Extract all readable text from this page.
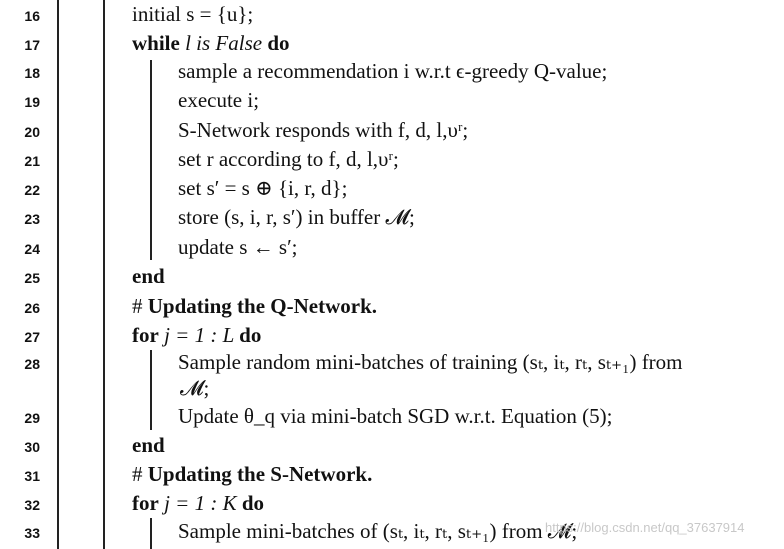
16	initial s = {u};
17	while l is False do
18	sample a recommendation i w.r.t ϵ-greedy Q-value;
19	execute i;
20	S-Network responds with f, d, l,υʳ;
21	set r according to f, d, l,υʳ;
22	set s′ = s ⊕ {i, r, d};
23	store (s, i, r, s′) in buffer 𝓜;
24	update s ← s′;
25	end
26	# Updating the Q-Network.
27	for j = 1 : L do
28	Sample random mini-batches of training (sₜ, iₜ, rₜ, sₜ₊₁) from
𝓜;
29	Update θ_q via mini-batch SGD w.r.t. Equation (5);
30	end
31	# Updating the S-Network.
32	for j = 1 : K do
33	Sample mini-batches of (sₜ, iₜ, rₜ, sₜ₊₁) from 𝓜;
https://blog.csdn.net/qq_37637914
